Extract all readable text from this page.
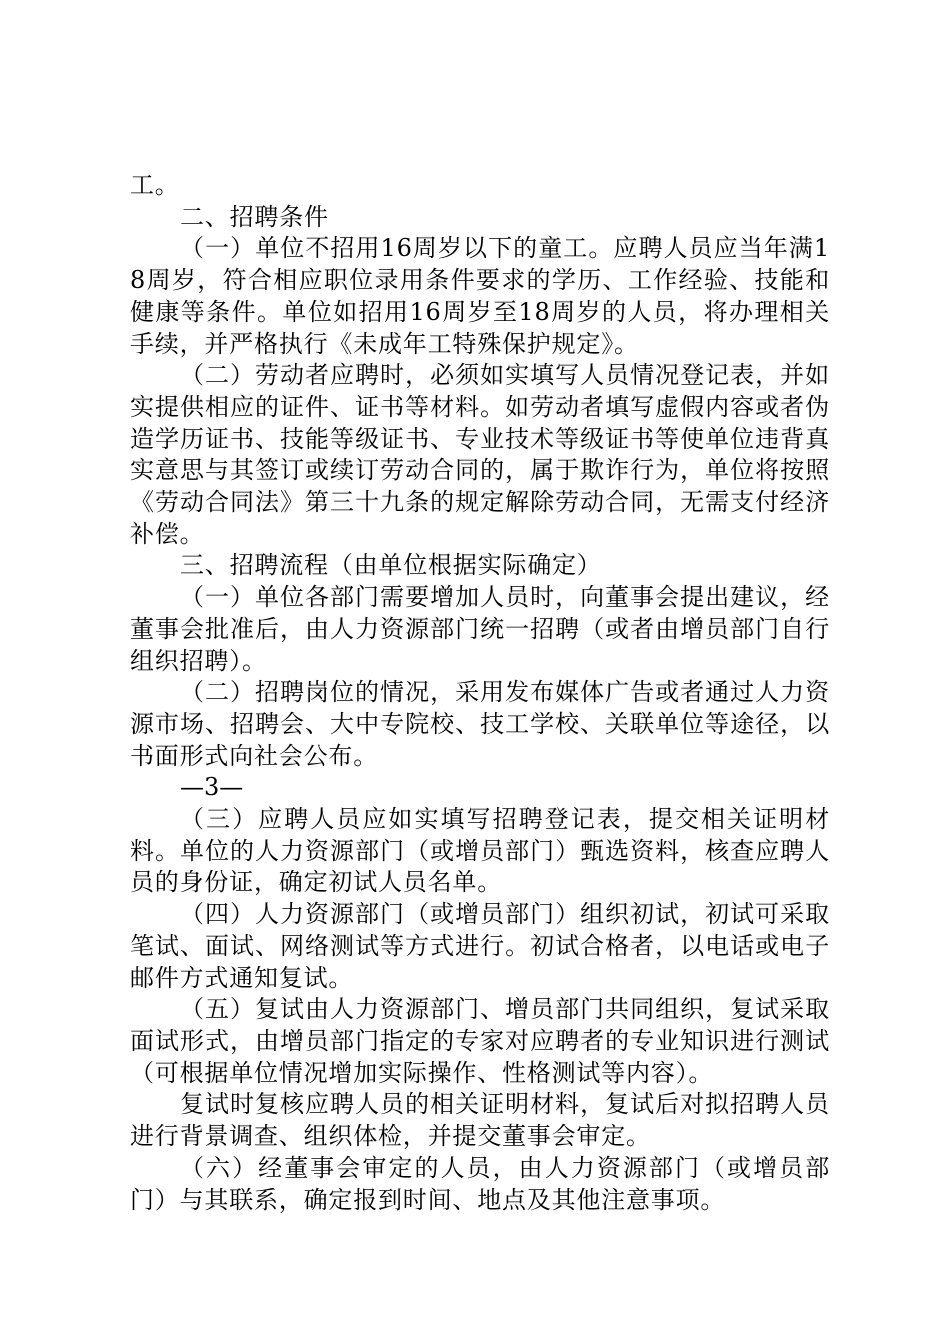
工。

二、招聘条件

（一）单位不招用16周岁以下的童工。应聘人员应当年满18周岁，符合相应职位录用条件要求的学历、工作经验、技能和健康等条件。单位如招用16周岁至18周岁的人员，将办理相关手续，并严格执行《未成年工特殊保护规定》。

（二）劳动者应聘时，必须如实填写人员情况登记表，并如实提供相应的证件、证书等材料。如劳动者填写虚假内容或者伪造学历证书、技能等级证书、专业技术等级证书等使单位违背真实意思与其签订或续订劳动合同的，属于欺诈行为，单位将按照《劳动合同法》第三十九条的规定解除劳动合同，无需支付经济补偿。

三、招聘流程（由单位根据实际确定）

（一）单位各部门需要增加人员时，向董事会提出建议，经董事会批准后，由人力资源部门统一招聘（或者由增员部门自行组织招聘）。

（二）招聘岗位的情况，采用发布媒体广告或者通过人力资源市场、招聘会、大中专院校、技工学校、关联单位等途径，以书面形式向社会公布。

—3—

（三）应聘人员应如实填写招聘登记表，提交相关证明材料。单位的人力资源部门（或增员部门）甄选资料，核查应聘人员的身份证，确定初试人员名单。

（四）人力资源部门（或增员部门）组织初试，初试可采取笔试、面试、网络测试等方式进行。初试合格者，以电话或电子邮件方式通知复试。

（五）复试由人力资源部门、增员部门共同组织，复试采取面试形式，由增员部门指定的专家对应聘者的专业知识进行测试（可根据单位情况增加实际操作、性格测试等内容）。

复试时复核应聘人员的相关证明材料，复试后对拟招聘人员进行背景调查、组织体检，并提交董事会审定。

（六）经董事会审定的人员，由人力资源部门（或增员部门）与其联系，确定报到时间、地点及其他注意事项。
